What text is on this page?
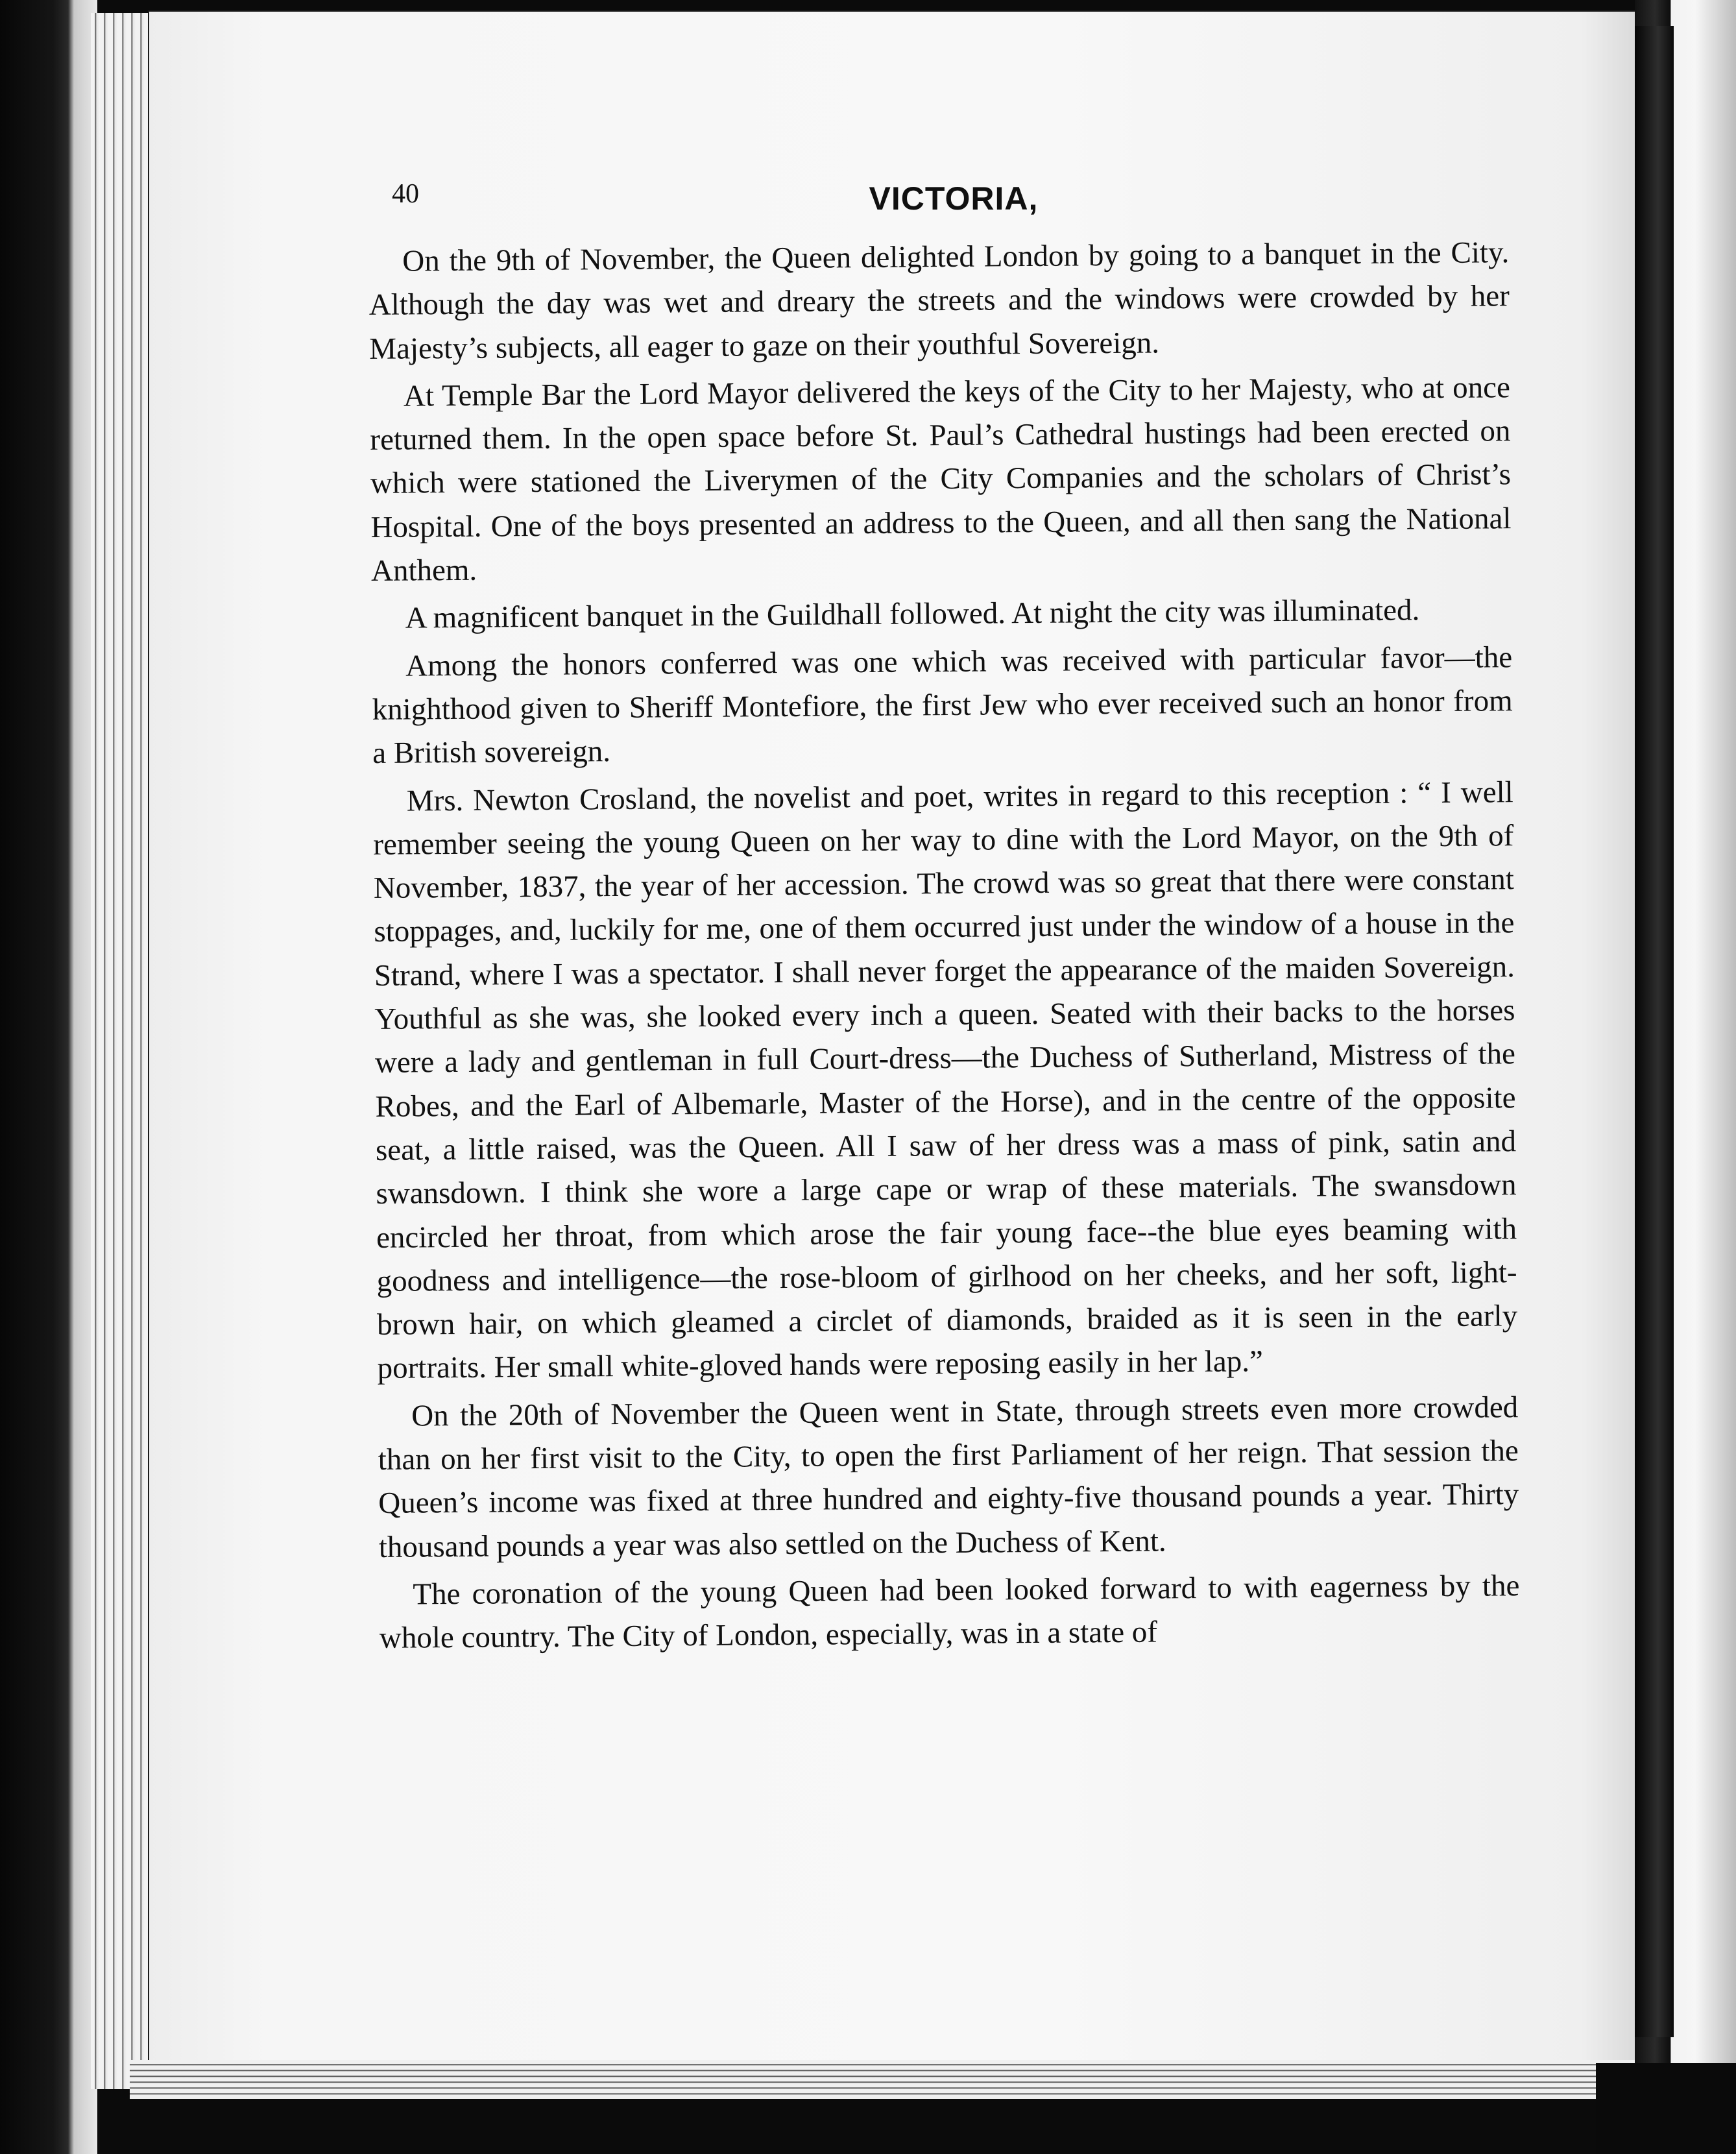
40	VICTORIA,

On the 9th of November, the Queen delighted London by going to a banquet in the City. Although the day was wet and dreary the streets and the windows were crowded by her Majesty’s subjects, all eager to gaze on their youthful Sovereign.

At Temple Bar the Lord Mayor delivered the keys of the City to her Majesty, who at once returned them. In the open space before St. Paul’s Cathedral hustings had been erected on which were stationed the Liverymen of the City Companies and the scholars of Christ’s Hospital. One of the boys presented an address to the Queen, and all then sang the National Anthem.

A magnificent banquet in the Guildhall followed. At night the city was illuminated.

Among the honors conferred was one which was received with particular favor—the knighthood given to Sheriff Montefiore, the first Jew who ever received such an honor from a British sovereign.

Mrs. Newton Crosland, the novelist and poet, writes in regard to this reception : “ I well remember seeing the young Queen on her way to dine with the Lord Mayor, on the 9th of November, 1837, the year of her accession. The crowd was so great that there were constant stoppages, and, luckily for me, one of them occurred just under the window of a house in the Strand, where I was a spectator. I shall never forget the appearance of the maiden Sovereign. Youthful as she was, she looked every inch a queen. Seated with their backs to the horses were a lady and gentleman in full Court-dress—the Duchess of Sutherland, Mistress of the Robes, and the Earl of Albemarle, Master of the Horse), and in the centre of the opposite seat, a little raised, was the Queen. All I saw of her dress was a mass of pink, satin and swansdown. I think she wore a large cape or wrap of these materials. The swansdown encircled her throat, from which arose the fair young face--the blue eyes beaming with goodness and intelligence—the rose-bloom of girlhood on her cheeks, and her soft, light-brown hair, on which gleamed a circlet of diamonds, braided as it is seen in the early portraits. Her small white-gloved hands were reposing easily in her lap.”

On the 20th of November the Queen went in State, through streets even more crowded than on her first visit to the City, to open the first Parliament of her reign. That session the Queen’s income was fixed at three hundred and eighty-five thousand pounds a year. Thirty thousand pounds a year was also settled on the Duchess of Kent.

The coronation of the young Queen had been looked forward to with eagerness by the whole country. The City of London, especially, was in a state of
